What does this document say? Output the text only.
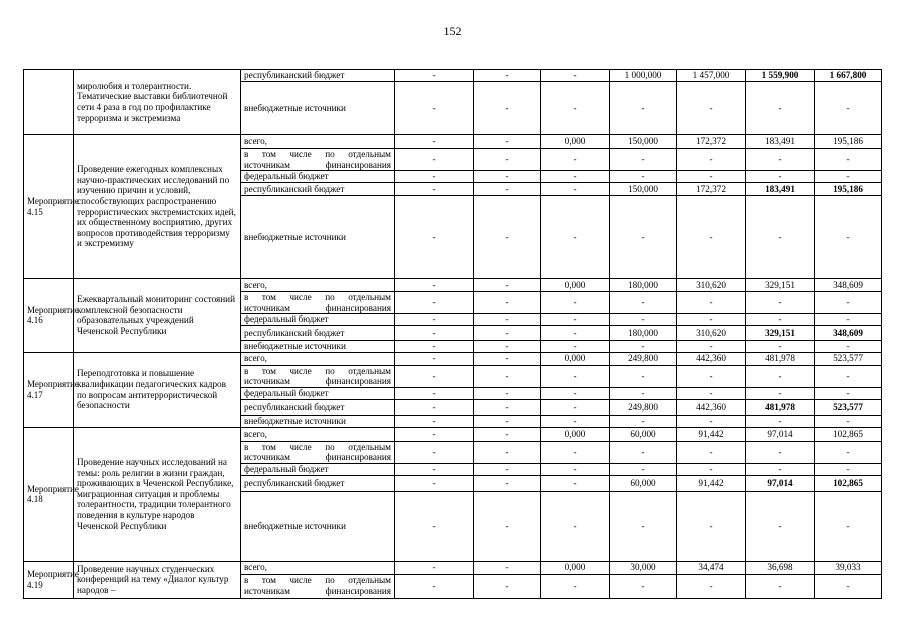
152
	миролюбия и толерантности. Тематические выставки библиотечной сети 4 раза в год по профилактике терроризма и экстремизма	республиканский бюджет	-	-	-	1 000,000	1 457,000	1 559,900	1 667,800
		внебюджетные источники	-	-	-	-	-	-	-
Мероприятие 4.15	Проведение ежегодных комплексных научно-практических исследований по изучению причин и условий, способствующих распространению террористических экстремистских идей, их общественному восприятию, других вопросов противодействия терроризму и экстремизму	всего,	-	-	0,000	150,000	172,372	183,491	195,186
		в том числе по отдельным источникам финансирования	-	-	-	-	-	-	-
		федеральный бюджет	-	-	-	-	-	-	-
		республиканский бюджет	-	-	-	150,000	172,372	183,491	195,186
		внебюджетные источники	-	-	-	-	-	-	-
Мероприятие 4.16	Ежеквартальный мониторинг состояний комплексной безопасности образовательных учреждений Чеченской Республики	всего,	-	-	0,000	180,000	310,620	329,151	348,609
		в том числе по отдельным источникам финансирования	-	-	-	-	-	-	-
		федеральный бюджет	-	-	-	-	-	-	-
		республиканский бюджет	-	-	-	180,000	310,620	329,151	348,609
		внебюджетные источники	-	-	-	-	-	-	-
Мероприятие 4.17	Переподготовка и повышение квалификации педагогических кадров по вопросам антитеррористической безопасности	всего,	-	-	0,000	249,800	442,360	481,978	523,577
		в том числе по отдельным источникам финансирования	-	-	-	-	-	-	-
		федеральный бюджет	-	-	-	-	-	-	-
		республиканский бюджет	-	-	-	249,800	442,360	481,978	523,577
		внебюджетные источники	-	-	-	-	-	-	-
Мероприятие 4.18	Проведение научных исследований на темы: роль религии в жизни граждан, проживающих в Чеченской Республике, миграционная ситуация и проблемы толерантности, традиции толерантного поведения в культуре народов Чеченской Республики	всего,	-	-	0,000	60,000	91,442	97,014	102,865
		в том числе по отдельным источникам финансирования	-	-	-	-	-	-	-
		федеральный бюджет	-	-	-	-	-	-	-
		республиканский бюджет	-	-	-	60,000	91,442	97,014	102,865
		внебюджетные источники	-	-	-	-	-	-	-
Мероприятие 4.19	Проведение научных студенческих конференций на тему «Диалог культур народов –	всего,	-	-	0,000	30,000	34,474	36,698	39,033
		в том числе по отдельным источникам финансирования	-	-	-	-	-	-	-
